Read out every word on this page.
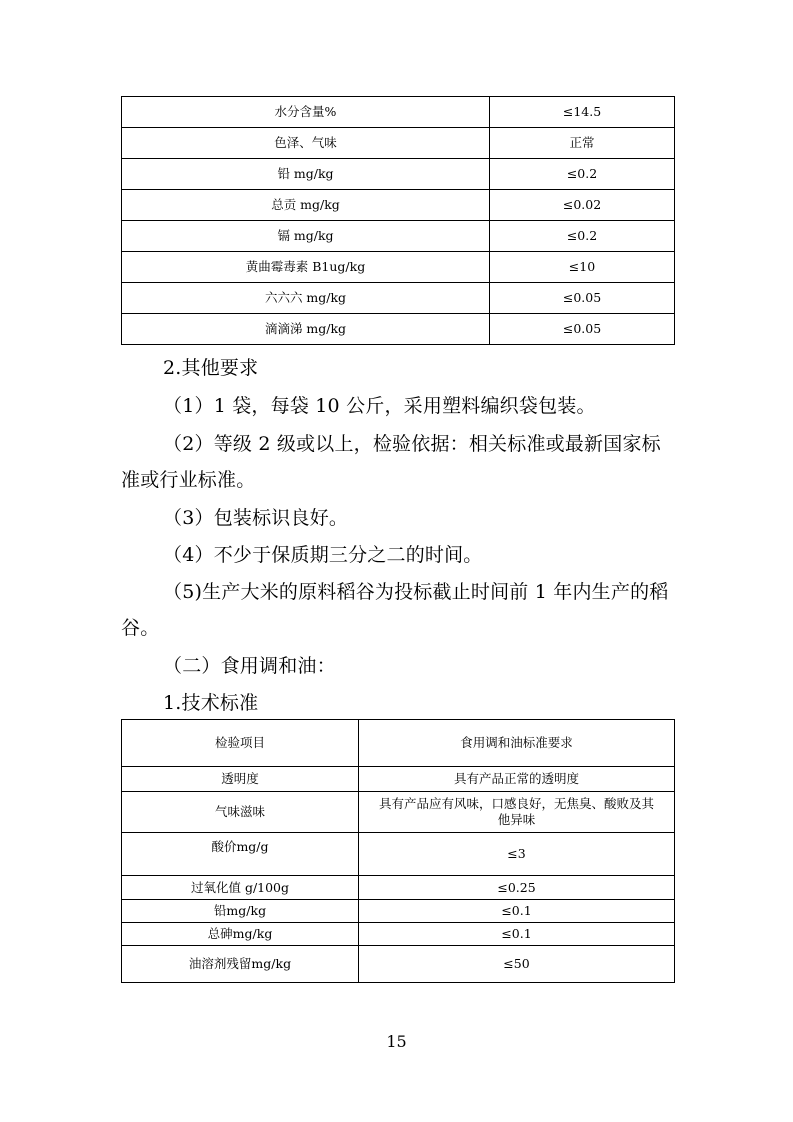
水分含量%	≤14.5
色泽、气味	正常
铅 mg/kg	≤0.2
总贡 mg/kg	≤0.02
镉 mg/kg	≤0.2
黄曲霉毒素 B1ug/kg	≤10
六六六 mg/kg	≤0.05
滴滴涕 mg/kg	≤0.05

2.其他要求

（1）1 袋，每袋 10 公斤，采用塑料编织袋包装。

（2）等级 2 级或以上，检验依据：相关标准或最新国家标准或行业标准。

（3）包装标识良好。

（4）不少于保质期三分之二的时间。

（5)生产大米的原料稻谷为投标截止时间前 1 年内生产的稻谷。

（二）食用调和油：

1.技术标准

检验项目	食用调和油标准要求
透明度	具有产品正常的透明度
气味滋味	具有产品应有风味，口感良好，无焦臭、酸败及其他异味
酸价mg/g	≤3
过氧化值 g/100g	≤0.25
铅mg/kg	≤0.1
总砷mg/kg	≤0.1
油溶剂残留mg/kg	≤50
15
